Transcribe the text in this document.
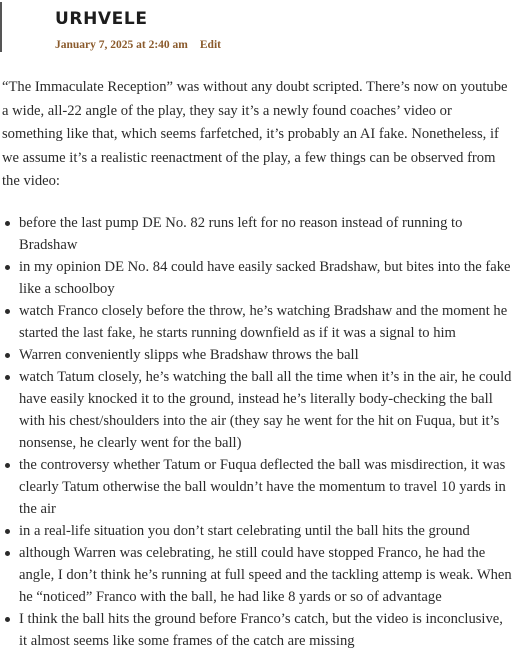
URHVELE
January 7, 2025 at 2:40 am Edit

“The Immaculate Reception” was without any doubt scripted. There’s now on youtube a wide, all-22 angle of the play, they say it’s a newly found coaches’ video or something like that, which seems farfetched, it’s probably an AI fake. Nonetheless, if we assume it’s a realistic reenactment of the play, a few things can be observed from the video:

before the last pump DE No. 82 runs left for no reason instead of running to Bradshaw
in my opinion DE No. 84 could have easily sacked Bradshaw, but bites into the fake like a schoolboy
watch Franco closely before the throw, he’s watching Bradshaw and the moment he started the last fake, he starts running downfield as if it was a signal to him
Warren conveniently slipps whe Bradshaw throws the ball
watch Tatum closely, he’s watching the ball all the time when it’s in the air, he could have easily knocked it to the ground, instead he’s literally body-checking the ball with his chest/shoulders into the air (they say he went for the hit on Fuqua, but it’s nonsense, he clearly went for the ball)
the controversy whether Tatum or Fuqua deflected the ball was misdirection, it was clearly Tatum otherwise the ball wouldn’t have the momentum to travel 10 yards in the air
in a real-life situation you don’t start celebrating until the ball hits the ground
although Warren was celebrating, he still could have stopped Franco, he had the angle, I don’t think he’s running at full speed and the tackling attemp is weak. When he “noticed” Franco with the ball, he had like 8 yards or so of advantage
I think the ball hits the ground before Franco’s catch, but the video is inconclusive, it almost seems like some frames of the catch are missing
